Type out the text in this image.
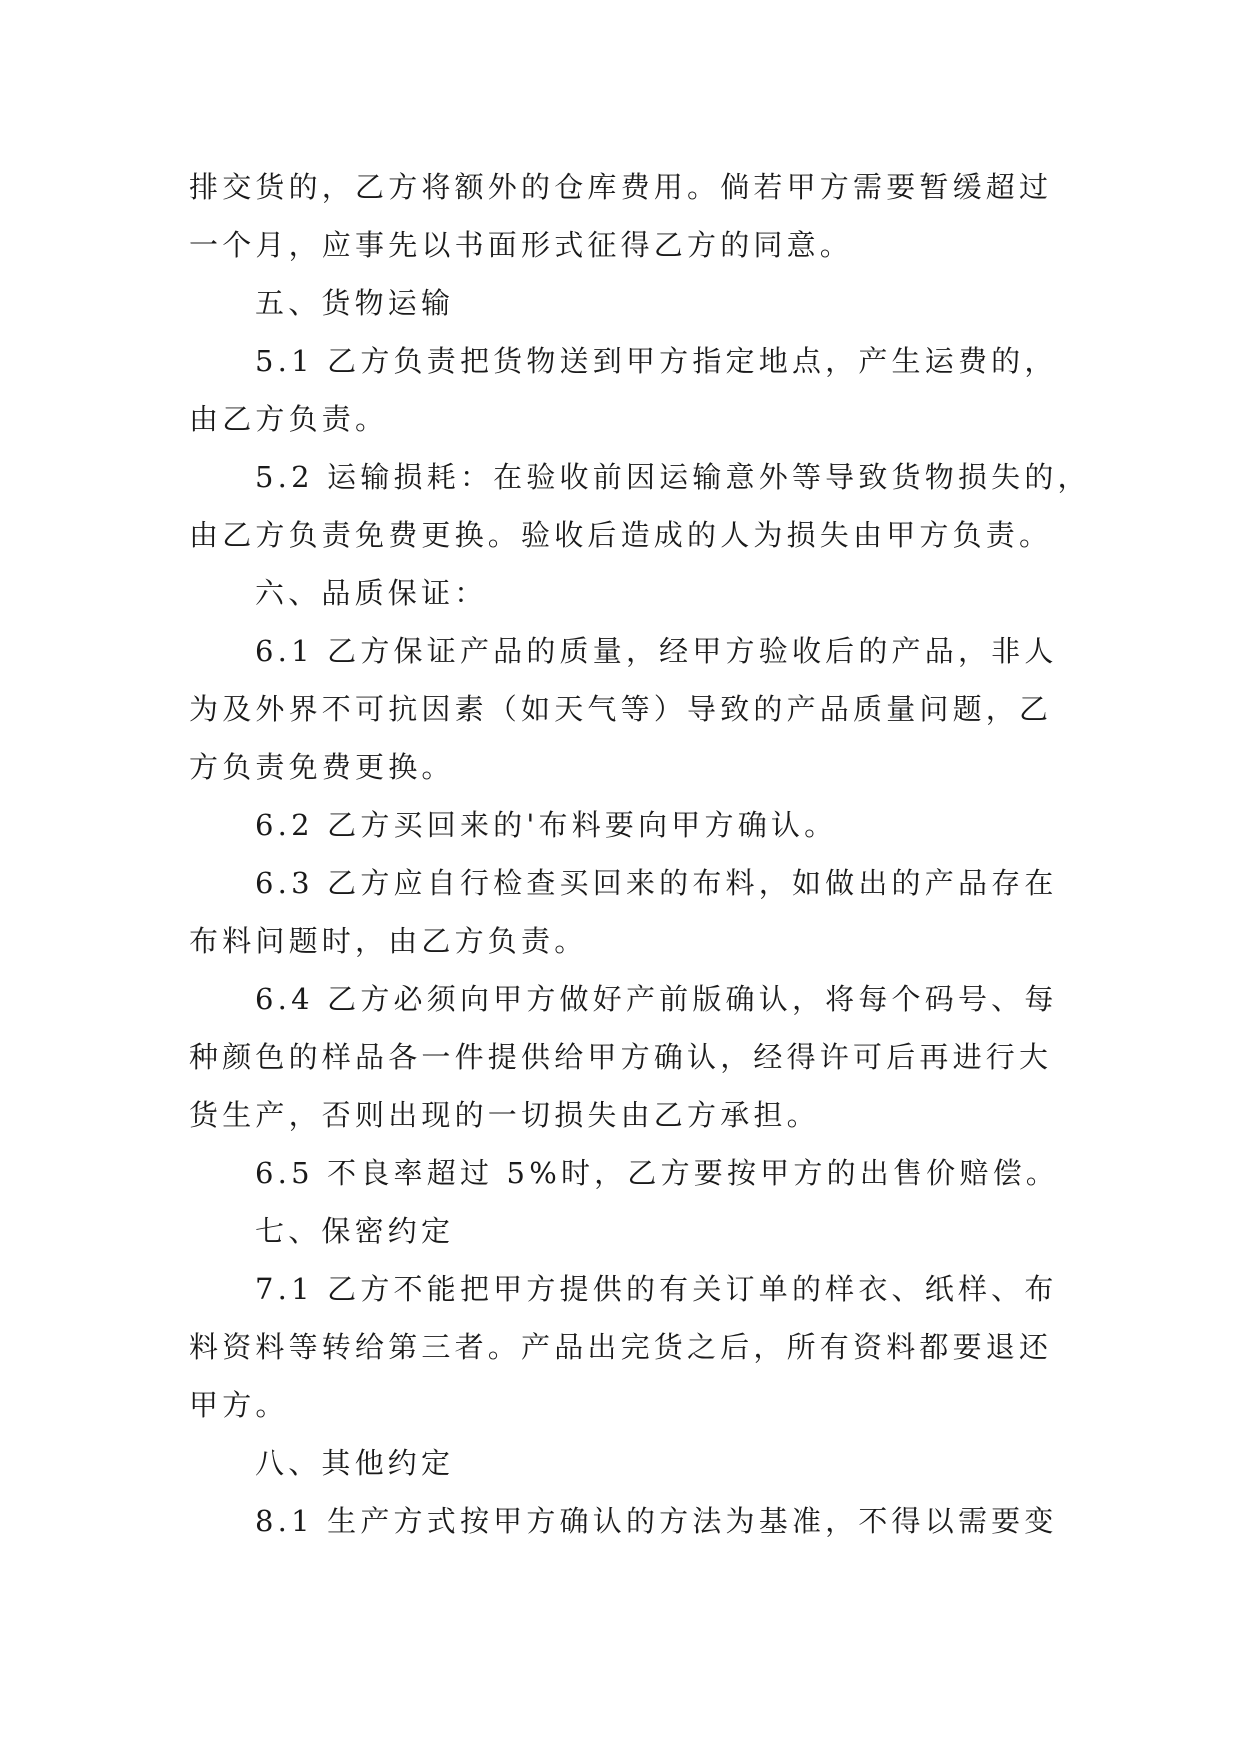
排交货的，乙方将额外的仓库费用。倘若甲方需要暂缓超过
一个月，应事先以书面形式征得乙方的同意。
五、货物运输
5.1 乙方负责把货物送到甲方指定地点，产生运费的，
由乙方负责。
5.2 运输损耗：在验收前因运输意外等导致货物损失的，
由乙方负责免费更换。验收后造成的人为损失由甲方负责。
六、品质保证：
6.1 乙方保证产品的质量，经甲方验收后的产品，非人
为及外界不可抗因素（如天气等）导致的产品质量问题，乙
方负责免费更换。
6.2 乙方买回来的'布料要向甲方确认。
6.3 乙方应自行检查买回来的布料，如做出的产品存在
布料问题时，由乙方负责。
6.4 乙方必须向甲方做好产前版确认，将每个码号、每
种颜色的样品各一件提供给甲方确认，经得许可后再进行大
货生产，否则出现的一切损失由乙方承担。
6.5 不良率超过 5%时，乙方要按甲方的出售价赔偿。
七、保密约定
7.1 乙方不能把甲方提供的有关订单的样衣、纸样、布
料资料等转给第三者。产品出完货之后，所有资料都要退还
甲方。
八、其他约定
8.1 生产方式按甲方确认的方法为基准，不得以需要变
